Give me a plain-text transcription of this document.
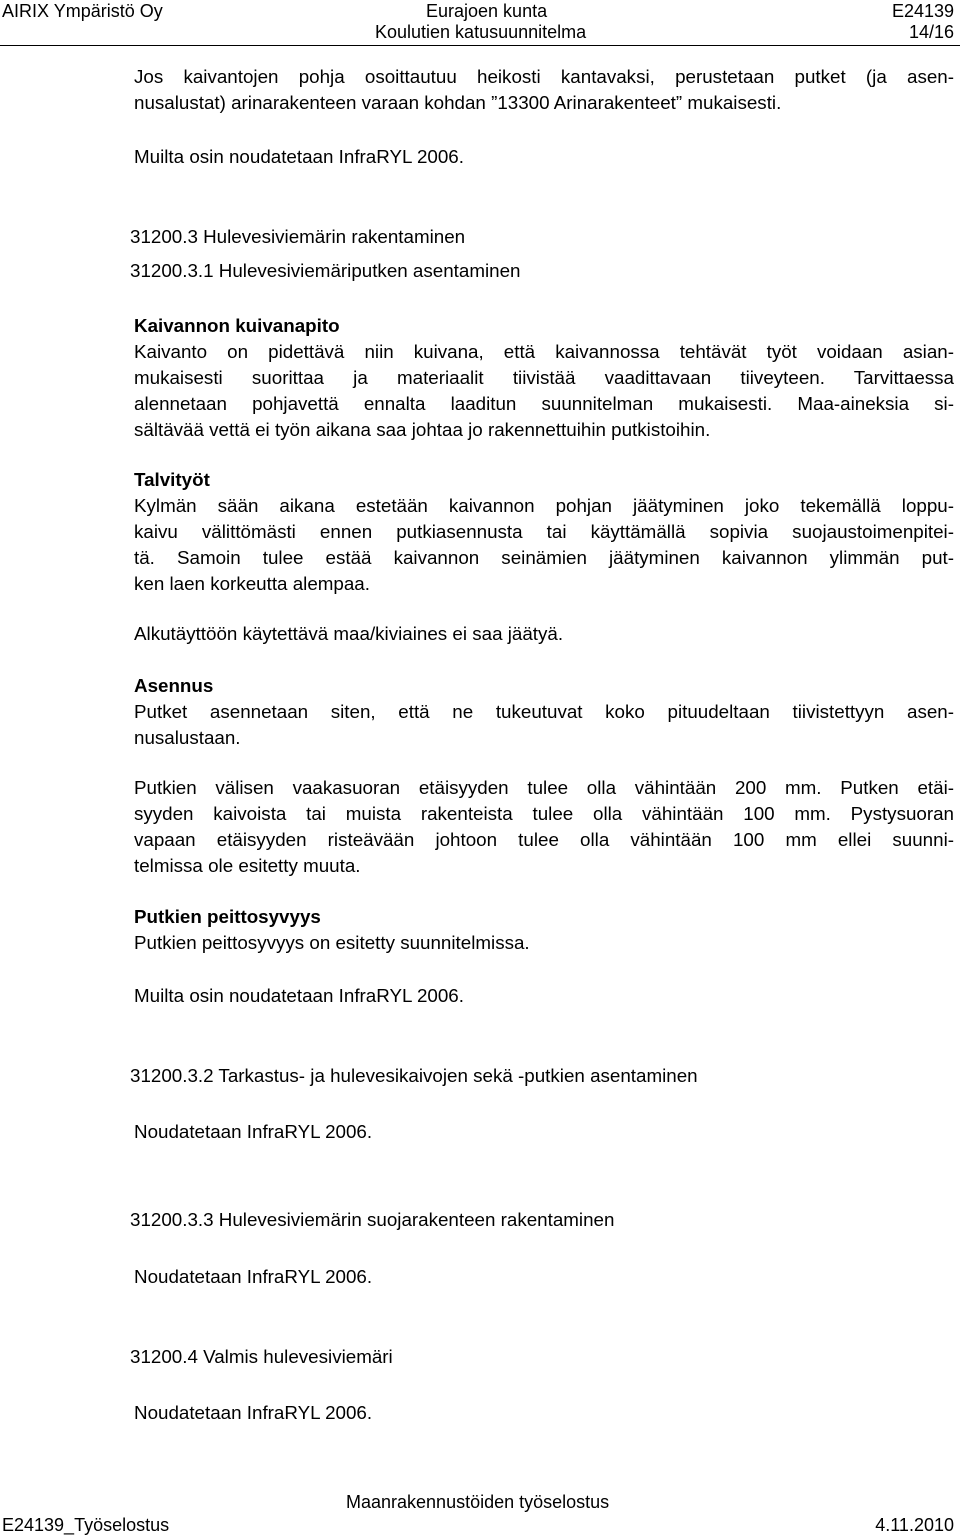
AIRIX Ympäristö Oy	Eurajoen kunta	E24139
Koulutien katusuunnitelma	14/16
Jos kaivantojen pohja osoittautuu heikosti kantavaksi, perustetaan putket (ja asen-
nusalustat) arinarakenteen varaan kohdan ”13300 Arinarakenteet” mukaisesti.
Muilta osin noudatetaan InfraRYL 2006.
31200.3 Hulevesiviemärin rakentaminen
31200.3.1 Hulevesiviemäriputken asentaminen
Kaivannon kuivanapito
Kaivanto on pidettävä niin kuivana, että kaivannossa tehtävät työt voidaan asian-
mukaisesti suorittaa ja materiaalit tiivistää vaadittavaan tiiveyteen. Tarvittaessa
alennetaan pohjavettä ennalta laaditun suunnitelman mukaisesti. Maa-aineksia si-
sältävää vettä ei työn aikana saa johtaa jo rakennettuihin putkistoihin.
Talvityöt
Kylmän sään aikana estetään kaivannon pohjan jäätyminen joko tekemällä loppu-
kaivu välittömästi ennen putkiasennusta tai käyttämällä sopivia suojaustoimenpitei-
tä. Samoin tulee estää kaivannon seinämien jäätyminen kaivannon ylimmän put-
ken laen korkeutta alempaa.
Alkutäyttöön käytettävä maa/kiviaines ei saa jäätyä.
Asennus
Putket asennetaan siten, että ne tukeutuvat koko pituudeltaan tiivistettyyn asen-
nusalustaan.
Putkien välisen vaakasuoran etäisyyden tulee olla vähintään 200 mm. Putken etäi-
syyden kaivoista tai muista rakenteista tulee olla vähintään 100 mm. Pystysuoran
vapaan etäisyyden risteävään johtoon tulee olla vähintään 100 mm ellei suunni-
telmissa ole esitetty muuta.
Putkien peittosyvyys
Putkien peittosyvyys on esitetty suunnitelmissa.
Muilta osin noudatetaan InfraRYL 2006.
31200.3.2 Tarkastus- ja hulevesikaivojen sekä -putkien asentaminen
Noudatetaan InfraRYL 2006.
31200.3.3 Hulevesiviemärin suojarakenteen rakentaminen
Noudatetaan InfraRYL 2006.
31200.4 Valmis hulevesiviemäri
Noudatetaan InfraRYL 2006.
Maanrakennustöiden työselostus
E24139_Työselostus	4.11.2010
